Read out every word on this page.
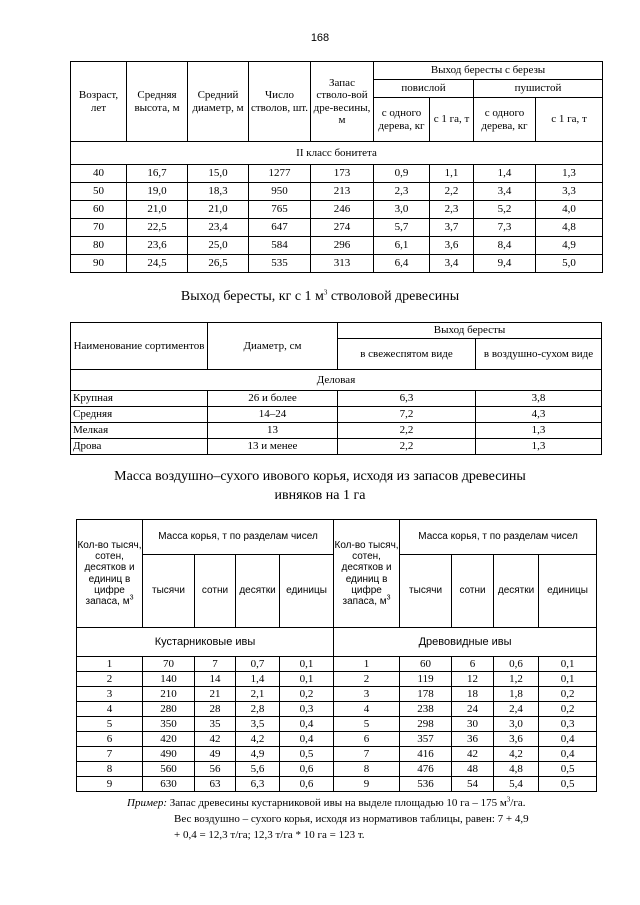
168
Возраст, лет	Средняя высота, м	Средний диаметр, м	Число стволов, шт.	Запас стволо-вой дре-весины, м	Выход бересты с березы			
					повислой		пушистой	
					с одного дерева, кг	с 1 га, т	с одного дерева, кг	с 1 га, т
II класс бонитета								
40	16,7	15,0	1277	173	0,9	1,1	1,4	1,3
50	19,0	18,3	950	213	2,3	2,2	3,4	3,3
60	21,0	21,0	765	246	3,0	2,3	5,2	4,0
70	22,5	23,4	647	274	5,7	3,7	7,3	4,8
80	23,6	25,0	584	296	6,1	3,6	8,4	4,9
90	24,5	26,5	535	313	6,4	3,4	9,4	5,0
Выход бересты, кг с 1 $м^3$ стволовой древесины
Наименование сортиментов	Диаметр, см	Выход бересты	
		в свежеспятом виде	в воздушно-сухом виде
Деловая			
Крупная	26 и более	6,3	3,8
Средняя	14–24	7,2	4,3
Мелкая	13	2,2	1,3
Дрова	13 и менее	2,2	1,3
Масса воздушно–сухого ивового корья, исходя из запасов древесины
ивняков на 1 га
Кол-во тысяч, сотен, десятков и единиц в цифре запаса, $м^3$	Масса корья, т по разделам чисел				Кол-во тысяч, сотен, десятков и единиц в цифре запаса, $м^3$	Масса корья, т по разделам чисел			
	тысячи	сотни	десятки	единицы		тысячи	сотни	десятки	единицы
Кустарниковые ивы					Древовидные ивы				
1	70	7	0,7	0,1	1	60	6	0,6	0,1
2	140	14	1,4	0,1	2	119	12	1,2	0,1
3	210	21	2,1	0,2	3	178	18	1,8	0,2
4	280	28	2,8	0,3	4	238	24	2,4	0,2
5	350	35	3,5	0,4	5	298	30	3,0	0,3
6	420	42	4,2	0,4	6	357	36	3,6	0,4
7	490	49	4,9	0,5	7	416	42	4,2	0,4
8	560	56	5,6	0,6	8	476	48	4,8	0,5
9	630	63	6,3	0,6	9	536	54	5,4	0,5
Пример: Запас древесины кустарниковой ивы на выделе площадью 10 га – 175 $м^3/га$.
Вес воздушно – сухого корья, исходя из нормативов таблицы, равен: 7 + 4,9
+ 0,4 = 12,3 т/га; 12,3 т/га * 10 га = 123 т.
